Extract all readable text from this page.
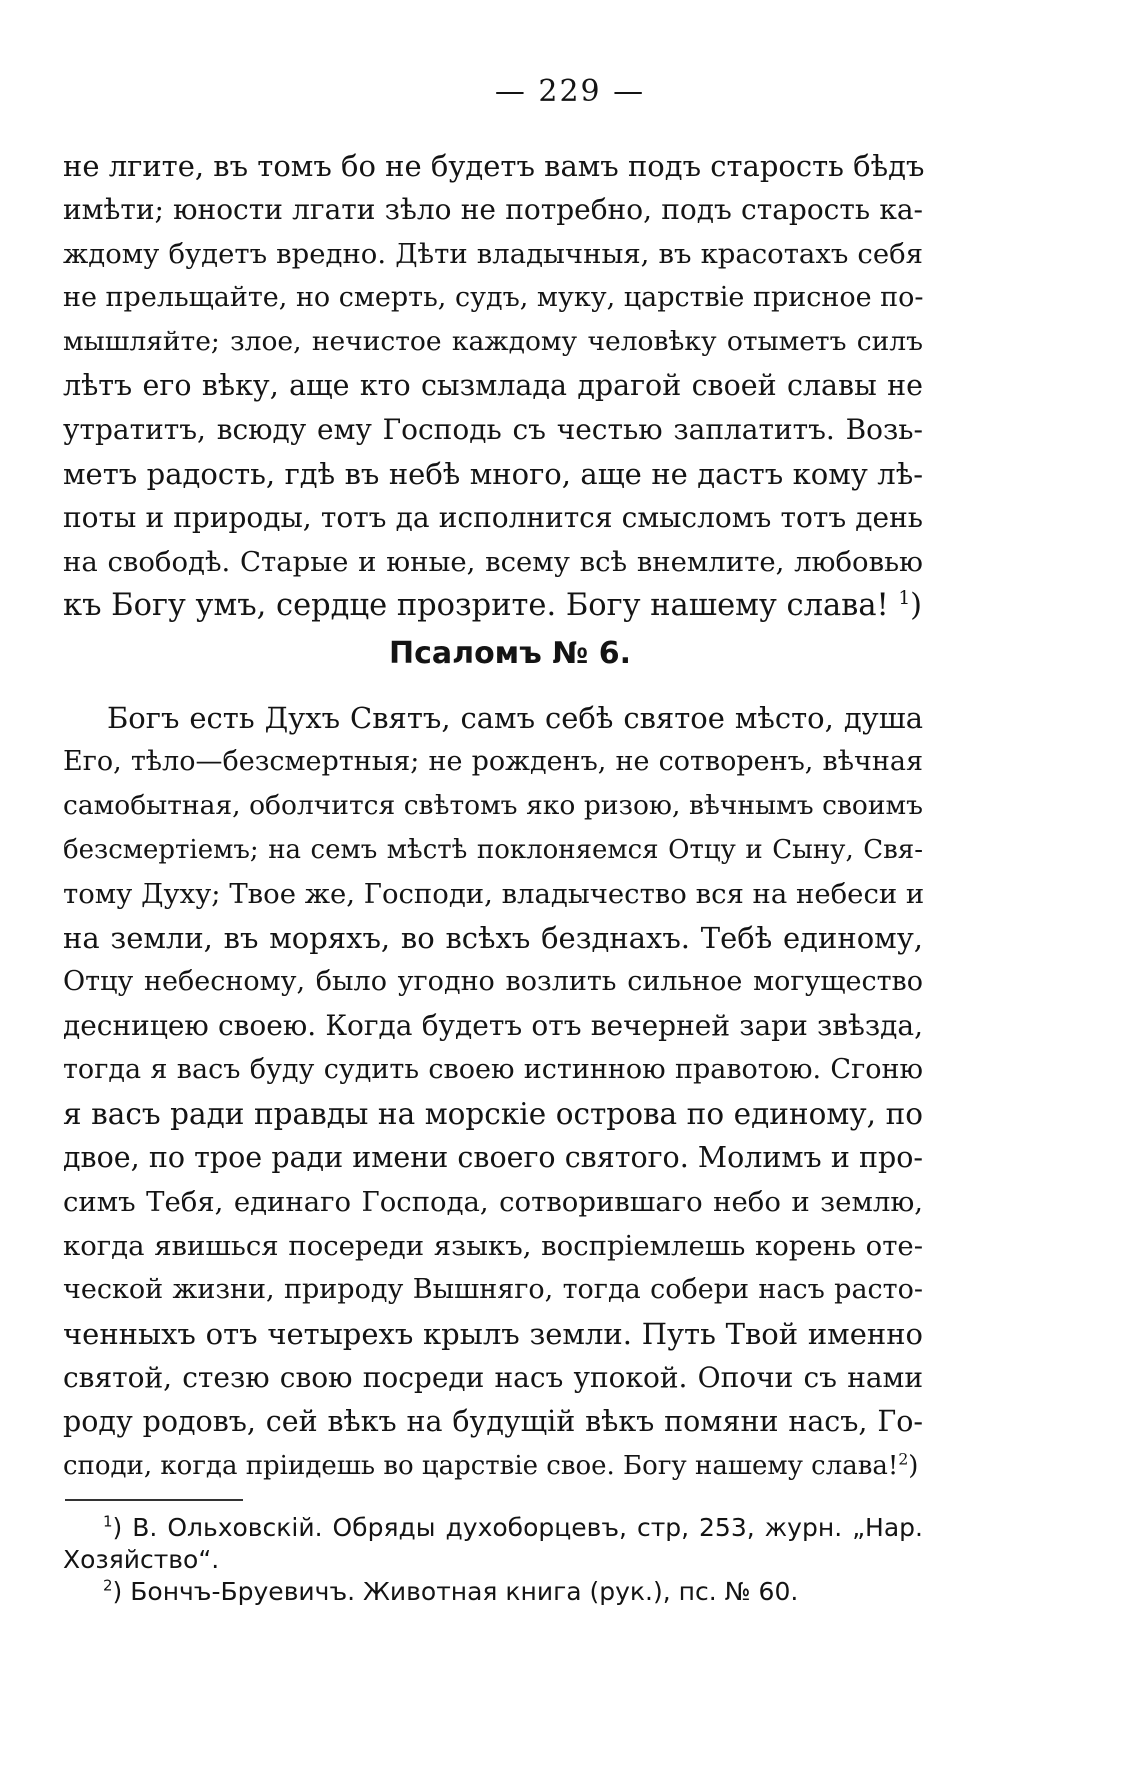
— 229 —
не лгите, въ томъ бо не будетъ вамъ подъ старость бѣдъ
имѣти; юности лгати зѣло не потребно, подъ старость ка-
ждому будетъ вредно. Дѣти владычныя, въ красотахъ себя
не прельщайте, но смерть, судъ, муку, царствіе присное по-
мышляйте; злое, нечистое каждому человѣку отыметъ силъ
лѣтъ его вѣку, аще кто сызмлада драгой своей славы не
утратитъ, всюду ему Господь съ честью заплатитъ. Возь-
метъ радость, гдѣ въ небѣ много, аще не дастъ кому лѣ-
поты и природы, тотъ да исполнится смысломъ тотъ день
на свободѣ. Старые и юные, всему всѣ внемлите, любовью
къ Богу умъ, сердце прозрите. Богу нашему слава! $^1$)
Псаломъ № 6.
Богъ есть Духъ Святъ, самъ себѣ святое мѣсто, душа
Его, тѣло—безсмертныя; не рожденъ, не сотворенъ, вѣчная
самобытная, оболчится свѣтомъ яко ризою, вѣчнымъ своимъ
безсмертіемъ; на семъ мѣстѣ поклоняемся Отцу и Сыну, Свя-
тому Духу; Твое же, Господи, владычество вся на небеси и
на земли, въ моряхъ, во всѣхъ безднахъ. Тебѣ единому,
Отцу небесному, было угодно возлить сильное могущество
десницею своею. Когда будетъ отъ вечерней зари звѣзда,
тогда я васъ буду судить своею истинною правотою. Сгоню
я васъ ради правды на морскіе острова по единому, по
двое, по трое ради имени своего святого. Молимъ и про-
симъ Тебя, единаго Господа, сотворившаго небо и землю,
когда явишься посереди языкъ, воспріемлешь корень оте-
ческой жизни, природу Вышняго, тогда собери насъ расто-
ченныхъ отъ четырехъ крылъ земли. Путь Твой именно
святой, стезю свою посреди насъ упокой. Опочи съ нами
роду родовъ, сей вѣкъ на будущій вѣкъ помяни насъ, Го-
споди, когда пріидешь во царствіе свое. Богу нашему слава!$^2$)
$^1$) В. Ольховскій. Обряды духоборцевъ, стр, 253, журн. „Нар.
Хозяйство“.
$^2$) Бончъ-Бруевичъ. Животная книга (рук.), пс. № 60.
